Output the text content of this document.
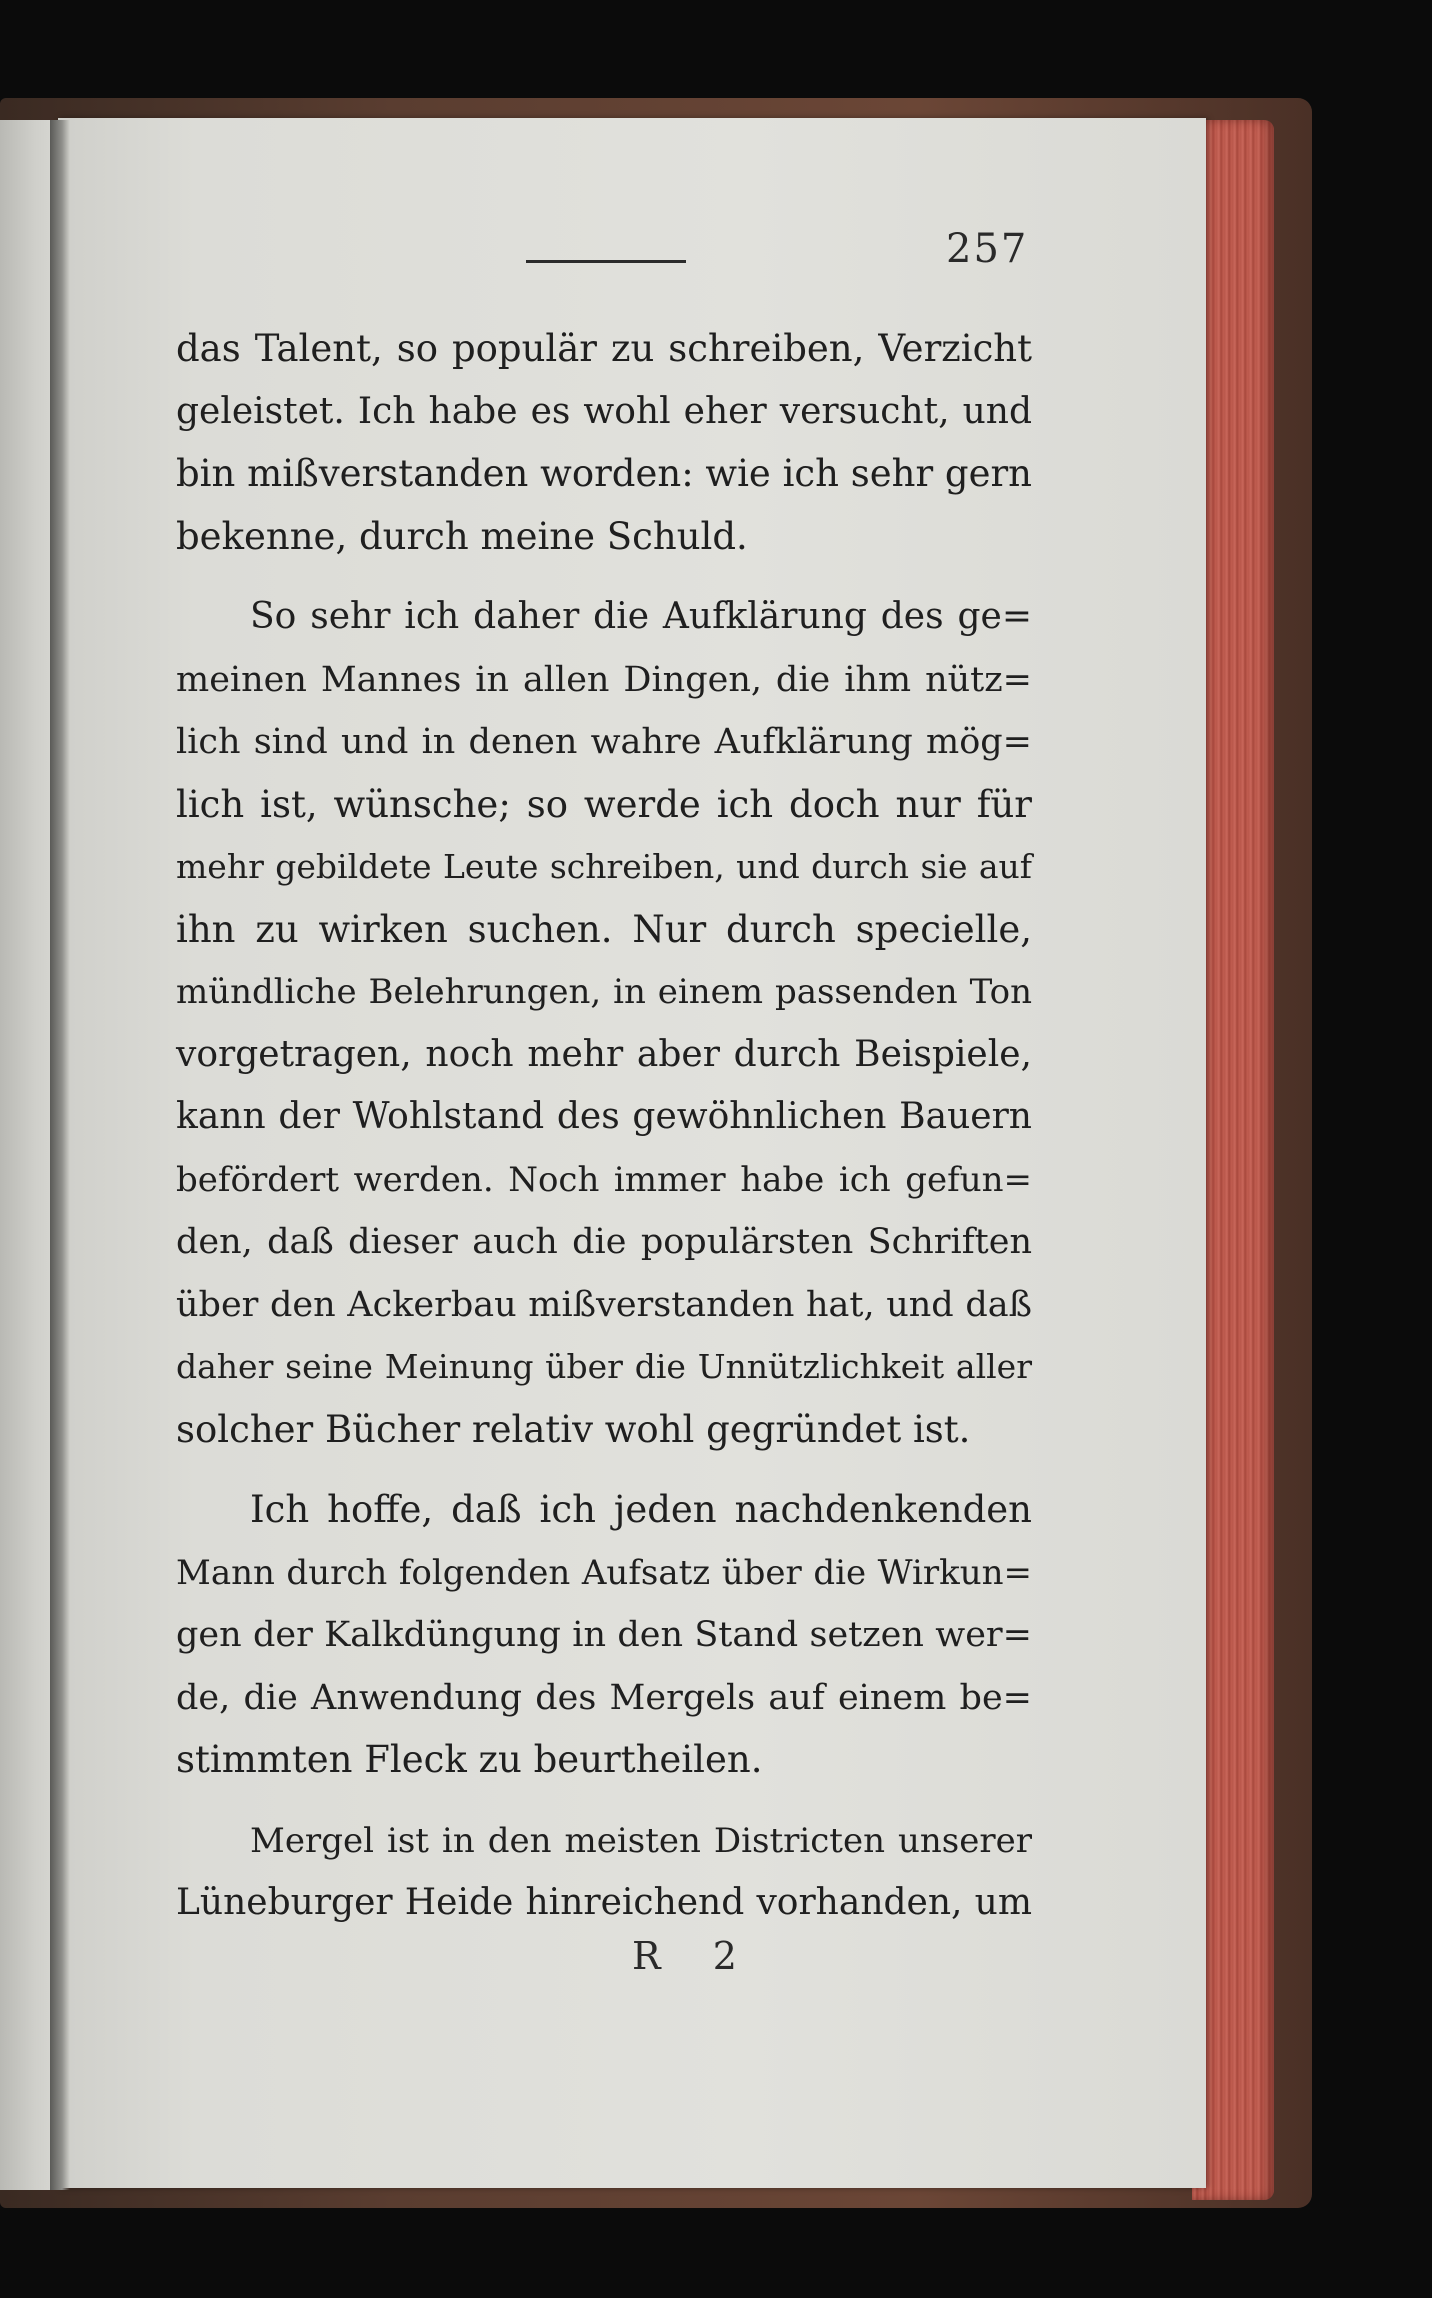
257

das Talent, so populär zu schreiben, Verzicht
geleistet. Ich habe es wohl eher versucht, und
bin mißverstanden worden: wie ich sehr gern
bekenne, durch meine Schuld.

So sehr ich daher die Aufklärung des ge=
meinen Mannes in allen Dingen, die ihm nütz=
lich sind und in denen wahre Aufklärung mög=
lich ist, wünsche; so werde ich doch nur für
mehr gebildete Leute schreiben, und durch sie auf
ihn zu wirken suchen. Nur durch specielle,
mündliche Belehrungen, in einem passenden Ton
vorgetragen, noch mehr aber durch Beispiele,
kann der Wohlstand des gewöhnlichen Bauern
befördert werden. Noch immer habe ich gefun=
den, daß dieser auch die populärsten Schriften
über den Ackerbau mißverstanden hat, und daß
daher seine Meinung über die Unnützlichkeit aller
solcher Bücher relativ wohl gegründet ist.

Ich hoffe, daß ich jeden nachdenkenden
Mann durch folgenden Aufsatz über die Wirkun=
gen der Kalkdüngung in den Stand setzen wer=
de, die Anwendung des Mergels auf einem be=
stimmten Fleck zu beurtheilen.

Mergel ist in den meisten Districten unserer
Lüneburger Heide hinreichend vorhanden, um

R 2
